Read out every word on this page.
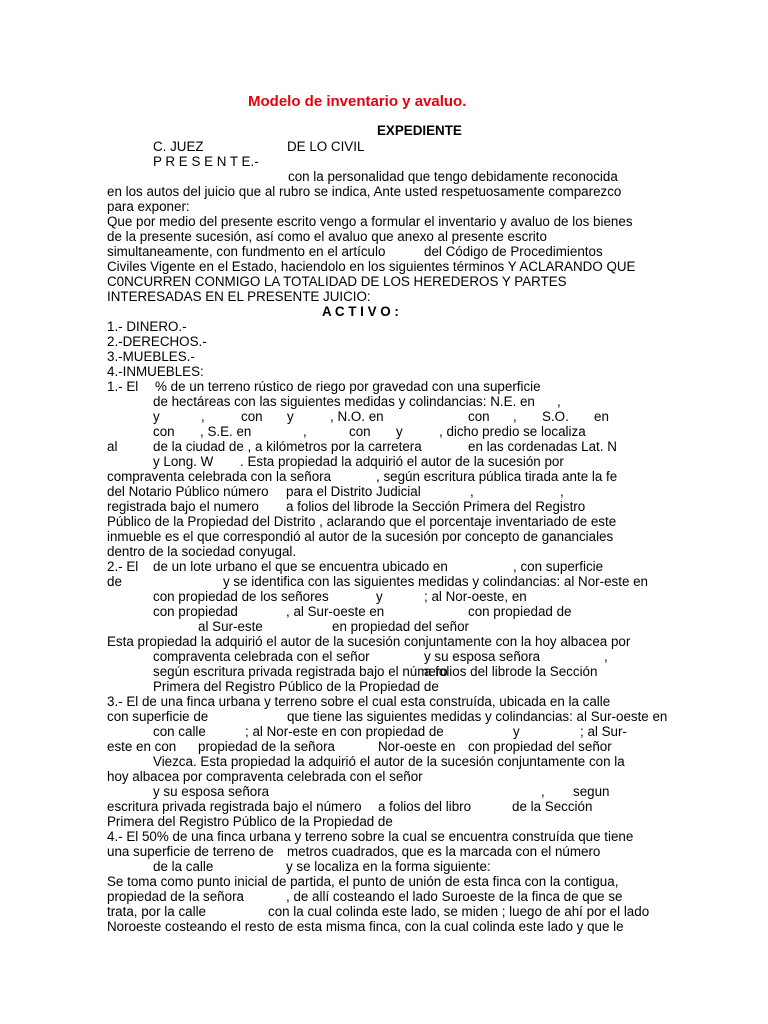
Modelo de inventario y avaluo.
EXPEDIENTE
C. JUEZ	DE LO CIVIL
P R E S E N T E.-
con la personalidad que tengo debidamente reconocida
en los autos del juicio que al rubro se indica, Ante usted respetuosamente comparezco
para exponer:
Que por medio del presente escrito vengo a formular el inventario y avaluo de los bienes
de la presente sucesión, así como el avaluo que anexo al presente escrito
simultaneamente, con fundmento en el artículo	del Código de Procedimientos
Civiles Vigente en el Estado, haciendolo en los siguientes términos Y ACLARANDO QUE
C0NCURREN CONMIGO LA TOTALIDAD DE LOS HEREDEROS Y PARTES
INTERESADAS EN EL PRESENTE JUICIO:
A C T I V O :
1.- DINERO.-
2.-DERECHOS.-
3.-MUEBLES.-
4.-INMUEBLES:
1.- El % de un terreno rústico de riego por gravedad con una superficie
de hectáreas con las siguientes medidas y colindancias: N.E. en ,
y	,	con y	, N.O. en	con , S.O. en
con , S.E. en	,	con y	, dicho predio se localiza
al	de la ciudad de , a kilómetros por la carretera	en las cordenadas Lat. N
y Long. W . Esta propiedad la adquirió el autor de la sucesión por
compraventa celebrada con la señora	, según escritura pública tirada ante la fe
del Notario Público número para el Distrito Judicial	,	,
registrada bajo el numero a folios del librode la Sección Primera del Registro
Público de la Propiedad del Distrito , aclarando que el porcentaje inventariado de este
inmueble es el que correspondió al autor de la sucesión por concepto de gananciales
dentro de la sociedad conyugal.
2.- El de un lote urbano el que se encuentra ubicado en	, con superficie
de	y se identifica con las siguientes medidas y colindancias: al Nor-este en
con propiedad de los señores	y	; al Nor-oeste, en
con propiedad	, al Sur-oeste en	con propiedad de
al Sur-este	en propiedad del señor
Esta propiedad la adquirió el autor de la sucesión conjuntamente con la hoy albacea por
compraventa celebrada con el señor	y su esposa señora	,
según escritura privada registrada bajo el número
a folios del librode la Sección
Primera del Registro Público de la Propiedad de
3.- El de una finca urbana y terreno sobre el cual esta construída, ubicada en la calle
con superficie de	que tiene las siguientes medidas y colindancias: al Sur-oeste en
con calle	; al Nor-este en con propiedad de	y	; al Sur-
este en con propiedad de la señora	Nor-oeste en con propiedad del señor
Viezca. Esta propiedad la adquirió el autor de la sucesión conjuntamente con la
hoy albacea por compraventa celebrada con el señor
y su esposa señora	, segun
escritura privada registrada bajo el número a folios del libro	de la Sección
Primera del Registro Público de la Propiedad de
4.- El 50% de una finca urbana y terreno sobre la cual se encuentra construída que tiene
una superficie de terreno de metros cuadrados, que es la marcada con el número
de la calle	y se localiza en la forma siguiente:
Se toma como punto inicial de partida, el punto de unión de esta finca con la contigua,
propiedad de la señora	, de allí costeando el lado Suroeste de la finca de que se
trata, por la calle	con la cual colinda este lado, se miden ; luego de ahí por el lado
Noroeste costeando el resto de esta misma finca, con la cual colinda este lado y que le
